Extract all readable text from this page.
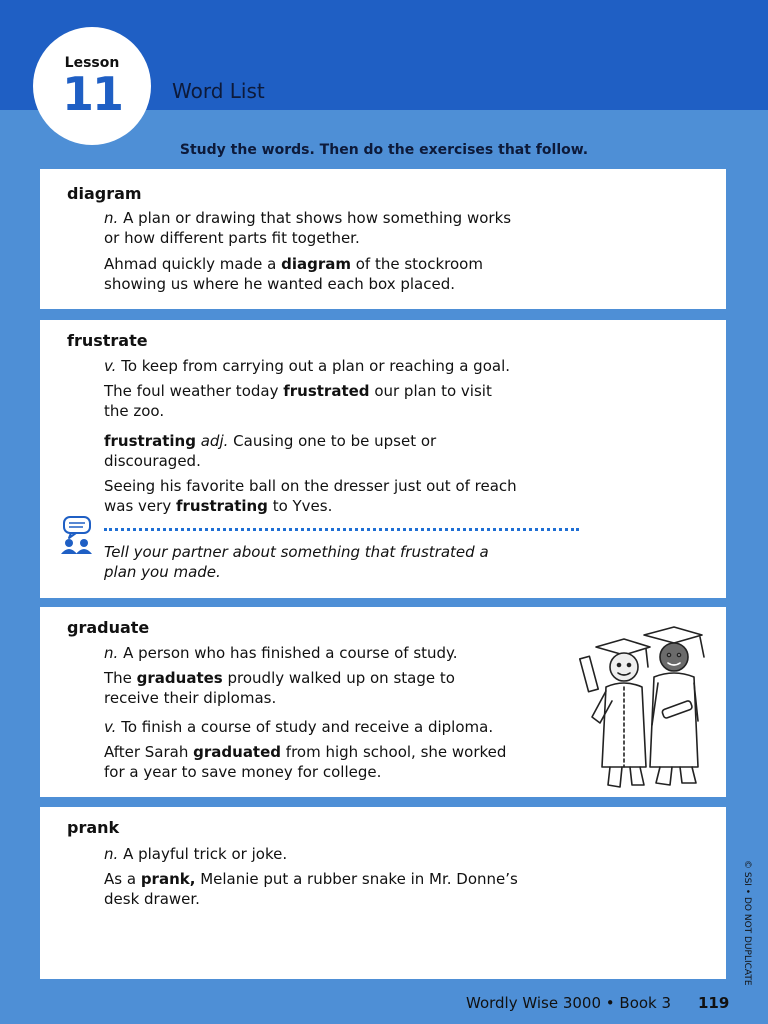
Lesson
11	Word List
Study the words. Then do the exercises that follow.
diagram
n. A plan or drawing that shows how something works
or how different parts fit together.
Ahmad quickly made a diagram of the stockroom
showing us where he wanted each box placed.
frustrate
v. To keep from carrying out a plan or reaching a goal.
The foul weather today frustrated our plan to visit
the zoo.
frustrating adj. Causing one to be upset or
discouraged.
Seeing his favorite ball on the dresser just out of reach
was very frustrating to Yves.
Tell your partner about something that frustrated a
plan you made.
graduate
n. A person who has finished a course of study.
The graduates proudly walked up on stage to
receive their diplomas.
v. To finish a course of study and receive a diploma.
After Sarah graduated from high school, she worked
for a year to save money for college.
prank
n. A playful trick or joke.
As a prank, Melanie put a rubber snake in Mr. Donne’s
desk drawer.	© SSI • DO NOT DUPLICATE
Wordly Wise 3000 • Book 3 119
